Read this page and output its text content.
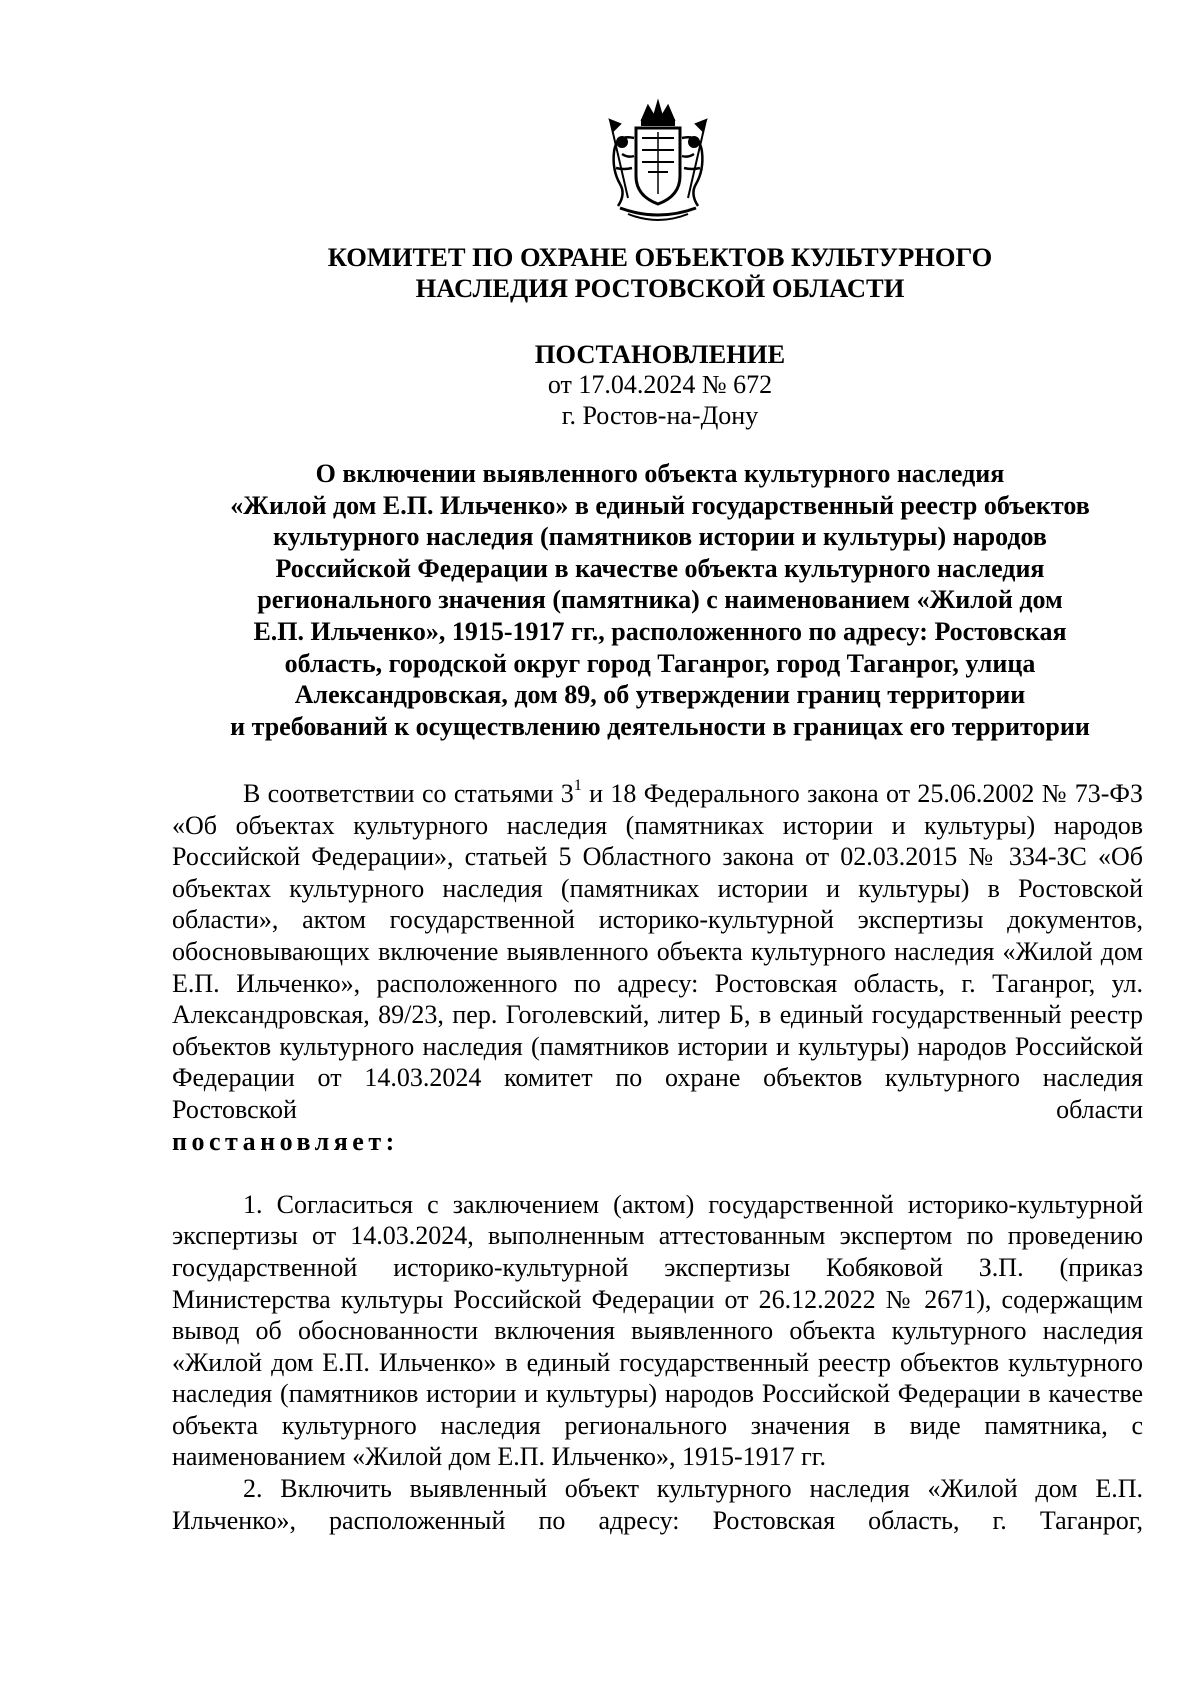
КОМИТЕТ ПО ОХРАНЕ ОБЪЕКТОВ КУЛЬТУРНОГО
НАСЛЕДИЯ РОСТОВСКОЙ ОБЛАСТИ
ПОСТАНОВЛЕНИЕ
от 17.04.2024 № 672
г. Ростов-на-Дону
О включении выявленного объекта культурного наследия
«Жилой дом Е.П. Ильченко» в единый государственный реестр объектов
культурного наследия (памятников истории и культуры) народов
Российской Федерации в качестве объекта культурного наследия
регионального значения (памятника) с наименованием «Жилой дом
Е.П. Ильченко», 1915-1917 гг., расположенного по адресу: Ростовская
область, городской округ город Таганрог, город Таганрог, улица
Александровская, дом 89, об утверждении границ территории
и требований к осуществлению деятельности в границах его территории

В соответствии со статьями $3^1$ и 18 Федерального закона от 25.06.2002 № 73-ФЗ «Об объектах культурного наследия (памятниках истории и культуры) народов Российской Федерации», статьей 5 Областного закона от 02.03.2015 № 334-ЗС «Об объектах культурного наследия (памятниках истории и культуры) в Ростовской области», актом государственной историко-культурной экспертизы документов, обосновывающих включение выявленного объекта культурного наследия «Жилой дом Е.П. Ильченко», расположенного по адресу: Ростовская область, г. Таганрог, ул. Александровская, 89/23, пер. Гоголевский, литер Б, в единый государственный реестр объектов культурного наследия (памятников истории и культуры) народов Российской Федерации от 14.03.2024 комитет по охране объектов культурного наследия Ростовской области

постановляет:

1. Согласиться с заключением (актом) государственной историко-культурной экспертизы от 14.03.2024, выполненным аттестованным экспертом по проведению государственной историко-культурной экспертизы Кобяковой З.П. (приказ Министерства культуры Российской Федерации от 26.12.2022 № 2671), содержащим вывод об обоснованности включения выявленного объекта культурного наследия «Жилой дом Е.П. Ильченко» в единый государственный реестр объектов культурного наследия (памятников истории и культуры) народов Российской Федерации в качестве объекта культурного наследия регионального значения в виде памятника, с наименованием «Жилой дом Е.П. Ильченко», 1915-1917 гг.

2. Включить выявленный объект культурного наследия «Жилой дом Е.П. Ильченко», расположенный по адресу: Ростовская область, г. Таганрог,
